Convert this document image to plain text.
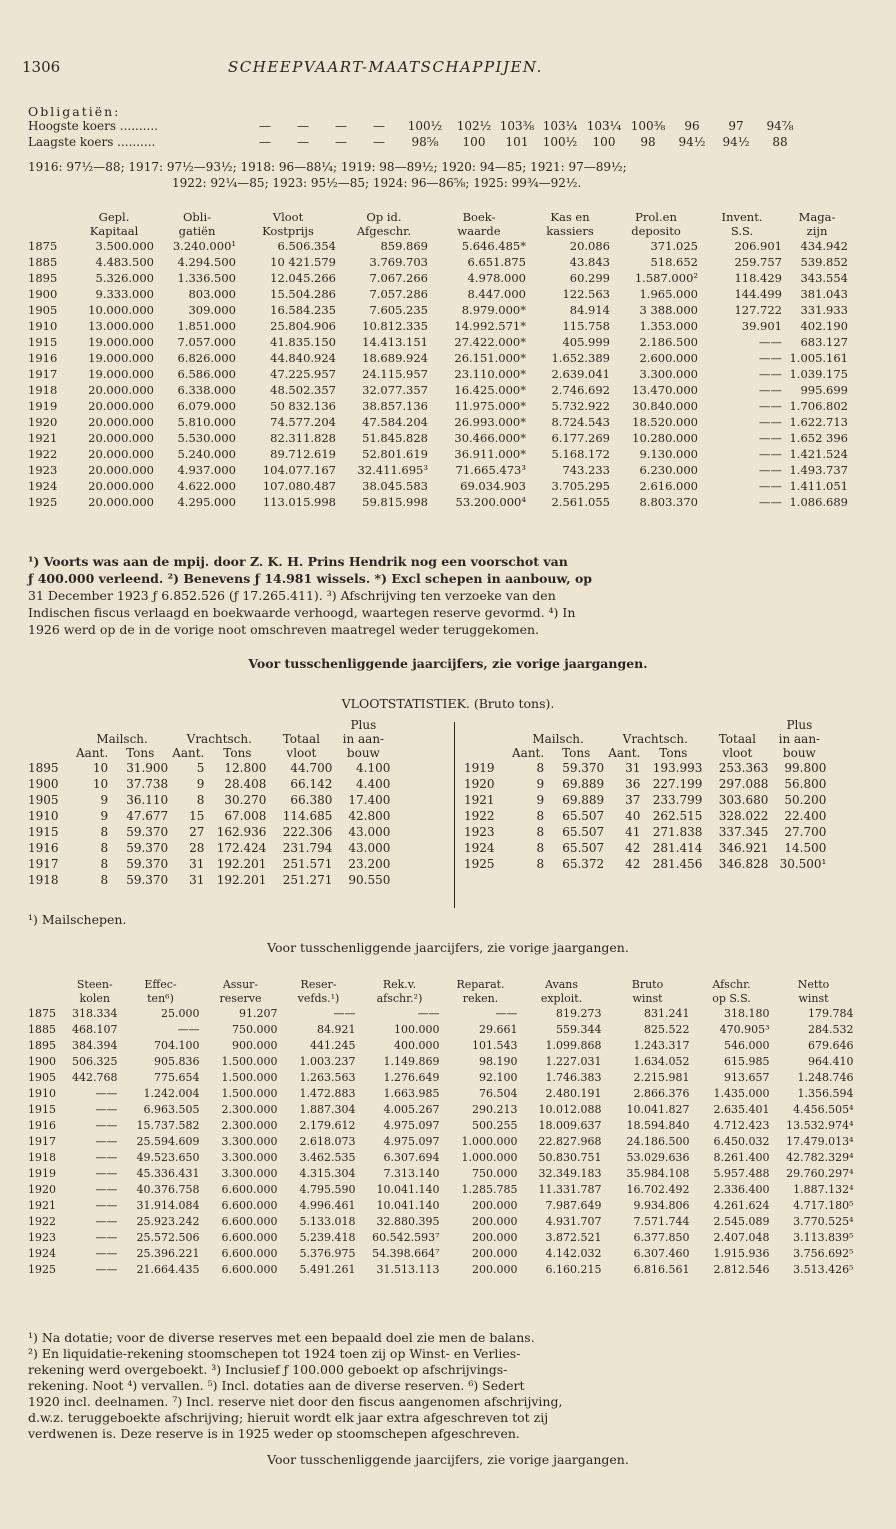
1306	SCHEEPVAART-MAATSCHAPPIJEN.
Obligatiën:
Hoogste koers ..........	—	—	—	—	100½	102½	103⅜	103¼	103¼	100⅜	96	97	94⅞
Laagste koers ..........	—	—	—	—	98⅝	100	101	100½	100	98	94½	94½	88
1916: 97½—88; 1917: 97½—93½; 1918: 96—88¼; 1919: 98—89½; 1920: 94—85; 1921: 97—89½;
1922: 92¼—85; 1923: 95½—85; 1924: 96—86⅝; 1925: 99¾—92½.
	Gepl.	Obli-	Vloot	Op id.	Boek-	Kas en	Prol.en	Invent.	Maga-
	Kapitaal	gatiën	Kostprijs	Afgeschr.	waarde	kassiers	deposito	S.S.	zijn
1875	3.500.000	3.240.000¹	6.506.354	859.869	5.646.485*	20.086	371.025	206.901	434.942
1885	4.483.500	4.294.500	10 421.579	3.769.703	6.651.875	43.843	518.652	259.757	539.852
1895	5.326.000	1.336.500	12.045.266	7.067.266	4.978.000	60.299	1.587.000²	118.429	343.554
1900	9.333.000	803.000	15.504.286	7.057.286	8.447.000	122.563	1.965.000	144.499	381.043
1905	10.000.000	309.000	16.584.235	7.605.235	8.979.000*	84.914	3 388.000	127.722	331.933
1910	13.000.000	1.851.000	25.804.906	10.812.335	14.992.571*	115.758	1.353.000	39.901	402.190
1915	19.000.000	7.057.000	41.835.150	14.413.151	27.422.000*	405.999	2.186.500	——	683.127
1916	19.000.000	6.826.000	44.840.924	18.689.924	26.151.000*	1.652.389	2.600.000	——	1.005.161
1917	19.000.000	6.586.000	47.225.957	24.115.957	23.110.000*	2.639.041	3.300.000	——	1.039.175
1918	20.000.000	6.338.000	48.502.357	32.077.357	16.425.000*	2.746.692	13.470.000	——	995.699
1919	20.000.000	6.079.000	50 832.136	38.857.136	11.975.000*	5.732.922	30.840.000	——	1.706.802
1920	20.000.000	5.810.000	74.577.204	47.584.204	26.993.000*	8.724.543	18.520.000	——	1.622.713
1921	20.000.000	5.530.000	82.311.828	51.845.828	30.466.000*	6.177.269	10.280.000	——	1.652 396
1922	20.000.000	5.240.000	89.712.619	52.801.619	36.911.000*	5.168.172	9.130.000	——	1.421.524
1923	20.000.000	4.937.000	104.077.167	32.411.695³	71.665.473³	743.233	6.230.000	——	1.493.737
1924	20.000.000	4.622.000	107.080.487	38.045.583	69.034.903	3.705.295	2.616.000	——	1.411.051
1925	20.000.000	4.295.000	113.015.998	59.815.998	53.200.000⁴	2.561.055	8.803.370	——	1.086.689
¹) Voorts was aan de mpij. door Z. K. H. Prins Hendrik nog een voorschot van
ƒ 400.000 verleend. ²) Benevens ƒ 14.981 wissels. *) Excl schepen in aanbouw, op
31 December 1923 ƒ 6.852.526 (ƒ 17.265.411). ³) Afschrijving ten verzoeke van den
Indischen fiscus verlaagd en boekwaarde verhoogd, waartegen reserve gevormd. ⁴) In
1926 werd op de in de vorige noot omschreven maatregel weder teruggekomen.
Voor tusschenliggende jaarcijfers, zie vorige jaargangen.
VLOOTSTATISTIEK. (Bruto tons).
						Plus
	Mailsch.		Vrachtsch.		Totaal	in aan-
	Aant.	Tons	Aant.	Tons	vloot	bouw
1895	10	31.900	5	12.800	44.700	4.100
1900	10	37.738	9	28.408	66.142	4.400
1905	9	36.110	8	30.270	66.380	17.400
1910	9	47.677	15	67.008	114.685	42.800
1915	8	59.370	27	162.936	222.306	43.000
1916	8	59.370	28	172.424	231.794	43.000
1917	8	59.370	31	192.201	251.571	23.200
1918	8	59.370	31	192.201	251.271	90.550
						Plus
	Mailsch.		Vrachtsch.		Totaal	in aan-
	Aant.	Tons	Aant.	Tons	vloot	bouw
1919	8	59.370	31	193.993	253.363	99.800
1920	9	69.889	36	227.199	297.088	56.800
1921	9	69.889	37	233.799	303.680	50.200
1922	8	65.507	40	262.515	328.022	22.400
1923	8	65.507	41	271.838	337.345	27.700
1924	8	65.507	42	281.414	346.921	14.500
1925	8	65.372	42	281.456	346.828	30.500¹
¹) Mailschepen.
Voor tusschenliggende jaarcijfers, zie vorige jaargangen.
	Steen-	Effec-	Assur-	Reser-	Rek.v.	Reparat.	Avans	Bruto	Afschr.	Netto
	kolen	ten⁶)	reserve	vefds.¹)	afschr.²)	reken.	exploit.	winst	op S.S.	winst
1875	318.334	25.000	91.207	——	——	——	819.273	831.241	318.180	179.784
1885	468.107	——	750.000	84.921	100.000	29.661	559.344	825.522	470.905³	284.532
1895	384.394	704.100	900.000	441.245	400.000	101.543	1.099.868	1.243.317	546.000	679.646
1900	506.325	905.836	1.500.000	1.003.237	1.149.869	98.190	1.227.031	1.634.052	615.985	964.410
1905	442.768	775.654	1.500.000	1.263.563	1.276.649	92.100	1.746.383	2.215.981	913.657	1.248.746
1910	——	1.242.004	1.500.000	1.472.883	1.663.985	76.504	2.480.191	2.866.376	1.435.000	1.356.594
1915	——	6.963.505	2.300.000	1.887.304	4.005.267	290.213	10.012.088	10.041.827	2.635.401	4.456.505⁴
1916	——	15.737.582	2.300.000	2.179.612	4.975.097	500.255	18.009.637	18.594.840	4.712.423	13.532.974⁴
1917	——	25.594.609	3.300.000	2.618.073	4.975.097	1.000.000	22.827.968	24.186.500	6.450.032	17.479.013⁴
1918	——	49.523.650	3.300.000	3.462.535	6.307.694	1.000.000	50.830.751	53.029.636	8.261.400	42.782.329⁴
1919	——	45.336.431	3.300.000	4.315.304	7.313.140	750.000	32.349.183	35.984.108	5.957.488	29.760.297⁴
1920	——	40.376.758	6.600.000	4.795.590	10.041.140	1.285.785	11.331.787	16.702.492	2.336.400	1.887.132⁴
1921	——	31.914.084	6.600.000	4.996.461	10.041.140	200.000	7.987.649	9.934.806	4.261.624	4.717.180⁵
1922	——	25.923.242	6.600.000	5.133.018	32.880.395	200.000	4.931.707	7.571.744	2.545.089	3.770.525⁴
1923	——	25.572.506	6.600.000	5.239.418	60.542.593⁷	200.000	3.872.521	6.377.850	2.407.048	3.113.839⁵
1924	——	25.396.221	6.600.000	5.376.975	54.398.664⁷	200.000	4.142.032	6.307.460	1.915.936	3.756.692⁵
1925	——	21.664.435	6.600.000	5.491.261	31.513.113	200.000	6.160.215	6.816.561	2.812.546	3.513.426⁵
¹) Na dotatie; voor de diverse reserves met een bepaald doel zie men de balans.
²) En liquidatie-rekening stoomschepen tot 1924 toen zij op Winst- en Verlies-
rekening werd overgeboekt. ³) Inclusief ƒ 100.000 geboekt op afschrijvings-
rekening. Noot ⁴) vervallen. ⁵) Incl. dotaties aan de diverse reserven. ⁶) Sedert
1920 incl. deelnamen. ⁷) Incl. reserve niet door den fiscus aangenomen afschrijving,
d.w.z. teruggeboekte afschrijving; hieruit wordt elk jaar extra afgeschreven tot zij
verdwenen is. Deze reserve is in 1925 weder op stoomschepen afgeschreven.
Voor tusschenliggende jaarcijfers, zie vorige jaargangen.
